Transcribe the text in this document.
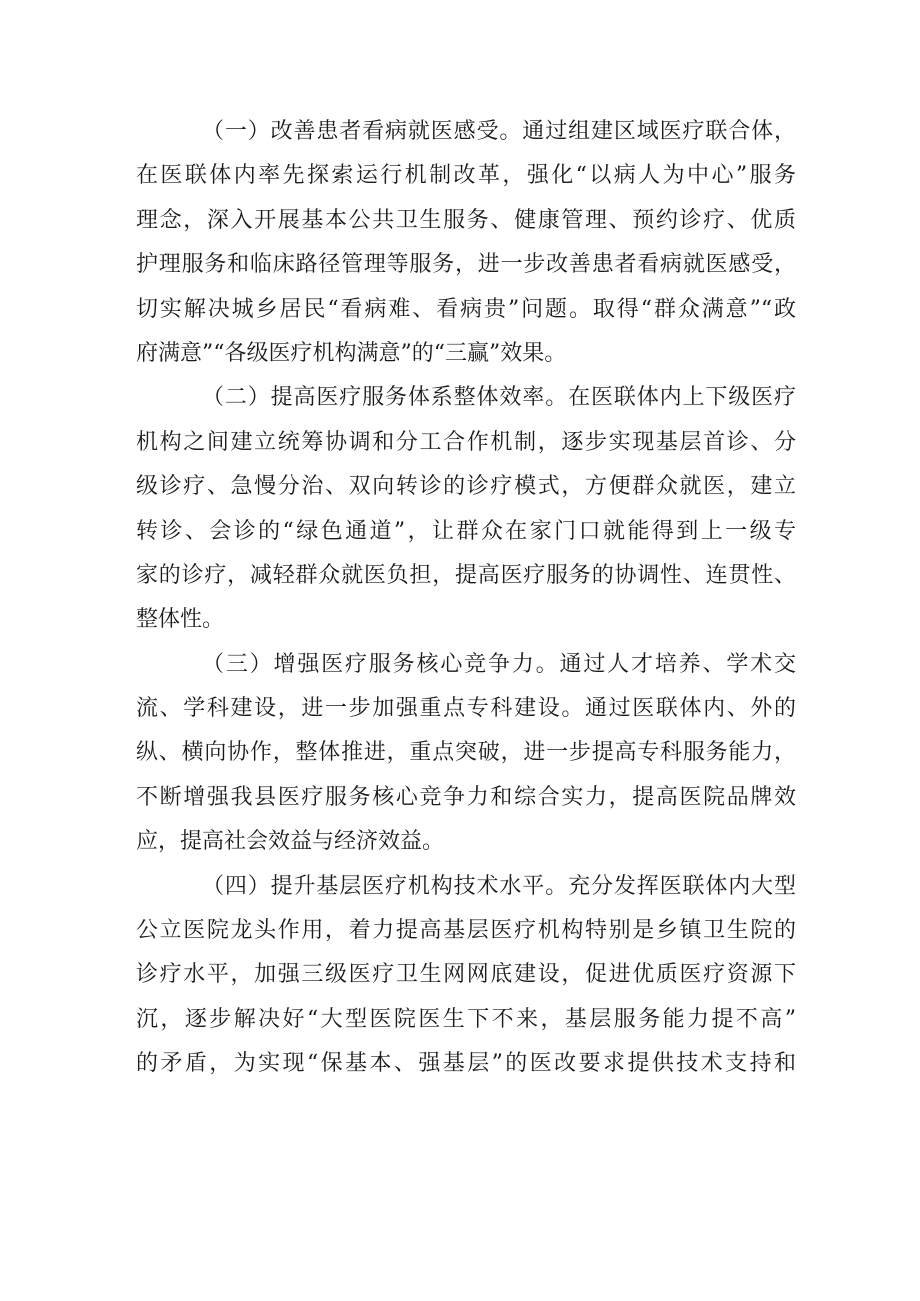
（一）改善患者看病就医感受。通过组建区域医疗联合体，
在医联体内率先探索运行机制改革，强化“以病人为中心”服务
理念，深入开展基本公共卫生服务、健康管理、预约诊疗、优质
护理服务和临床路径管理等服务，进一步改善患者看病就医感受，
切实解决城乡居民“看病难、看病贵”问题。取得“群众满意”“政
府满意”“各级医疗机构满意”的“三赢”效果。
（二）提高医疗服务体系整体效率。在医联体内上下级医疗
机构之间建立统筹协调和分工合作机制，逐步实现基层首诊、分
级诊疗、急慢分治、双向转诊的诊疗模式，方便群众就医，建立
转诊、会诊的“绿色通道”，让群众在家门口就能得到上一级专
家的诊疗，减轻群众就医负担，提高医疗服务的协调性、连贯性、
整体性。
（三）增强医疗服务核心竞争力。通过人才培养、学术交
流、学科建设，进一步加强重点专科建设。通过医联体内、外的
纵、横向协作，整体推进，重点突破，进一步提高专科服务能力，
不断增强我县医疗服务核心竞争力和综合实力，提高医院品牌效
应，提高社会效益与经济效益。
（四）提升基层医疗机构技术水平。充分发挥医联体内大型
公立医院龙头作用，着力提高基层医疗机构特别是乡镇卫生院的
诊疗水平，加强三级医疗卫生网网底建设，促进优质医疗资源下
沉，逐步解决好“大型医院医生下不来，基层服务能力提不高”
的矛盾，为实现“保基本、强基层”的医改要求提供技术支持和
